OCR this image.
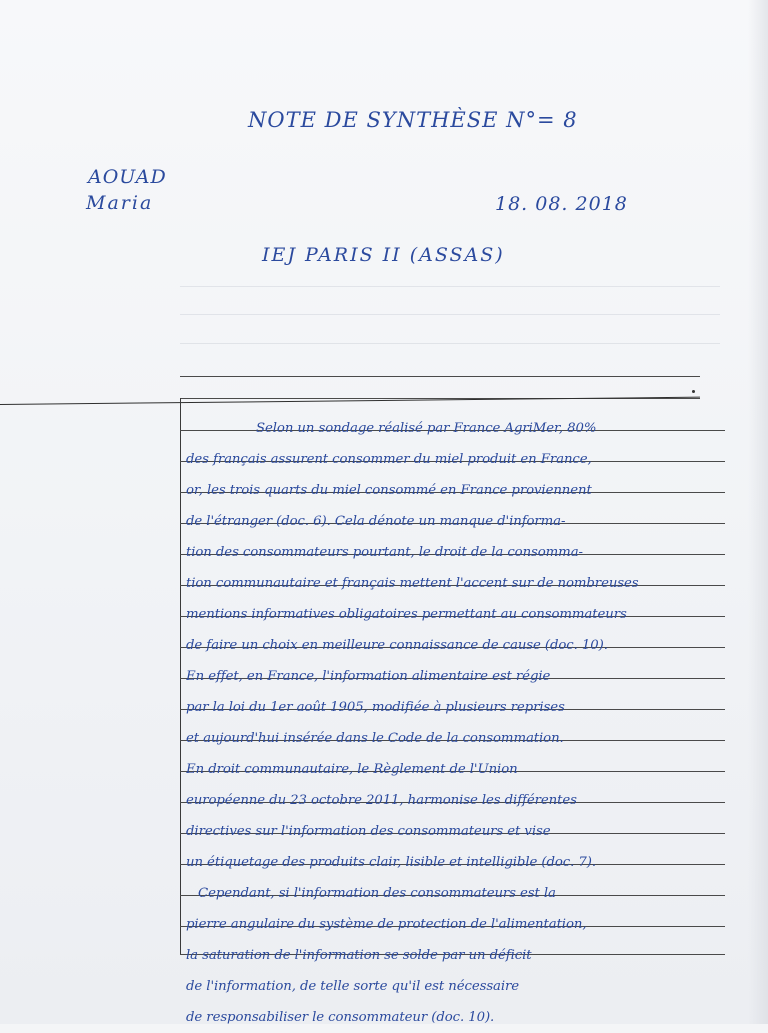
NOTE DE SYNTHÈSE N°= 8
AOUAD
Maria	18. 08. 2018
IEJ PARIS II (ASSAS)
Selon un sondage réalisé par France AgriMer, 80%
des français assurent consommer du miel produit en France,
or, les trois quarts du miel consommé en France proviennent
de l'étranger (doc. 6). Cela dénote un manque d'informa-
tion des consommateurs pourtant, le droit de la consomma-
tion communautaire et français mettent l'accent sur de nombreuses
mentions informatives obligatoires permettant au consommateurs
de faire un choix en meilleure connaissance de cause (doc. 10).
En effet, en France, l'information alimentaire est régie
par la loi du 1er août 1905, modifiée à plusieurs reprises
et aujourd'hui insérée dans le Code de la consommation.
En droit communautaire, le Règlement de l'Union
européenne du 23 octobre 2011, harmonise les différentes
directives sur l'information des consommateurs et vise
un étiquetage des produits clair, lisible et intelligible (doc. 7).
Cependant, si l'information des consommateurs est la
pierre angulaire du système de protection de l'alimentation,
la saturation de l'information se solde par un déficit
de l'information, de telle sorte qu'il est nécessaire
de responsabiliser le consommateur (doc. 10).
